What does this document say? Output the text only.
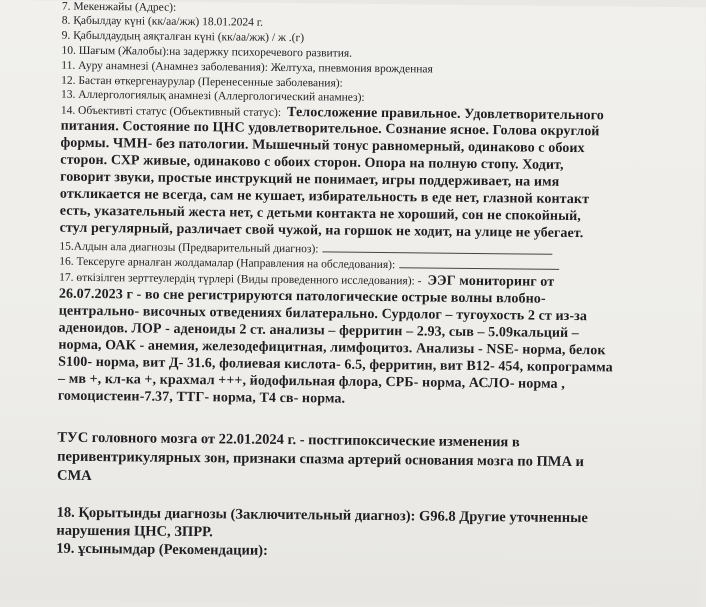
7. Мекенжайы (Адрес):
8. Қабылдау күні (кк/аа/жж) 18.01.2024 г.
9. Қабылдаудың аяқталған күні (кк/аа/жж) / ж .(г)
10. Шағым (Жалобы):на задержку психоречевого развития.
11. Ауру анамнезі (Анамнез заболевания): Желтуха, пневмония врожденная
12. Бастан өткергенаурулар (Перенесенные заболевания):
13. Аллергологиялық анамнезі (Аллергологический анамнез):
14. Объективті статус (Объективный статус): Телосложение правильное. Удовлетворительного
питания. Состояние по ЦНС удовлетворительное. Сознание ясное. Голова округлой
формы. ЧМН- без патологии. Мышечный тонус равномерный, одинаково с обоих
сторон. СХР живые, одинаково с обоих сторон. Опора на полную стопу. Ходит,
говорит звуки, простые инструкций не понимает, игры поддерживает, на имя
откликается не всегда, сам не кушает, избирательность в еде нет, глазной контакт
есть, указательный жеста нет, с детьми контакта не хороший, сон не спокойный,
стул регулярный, различает свой чужой, на горшок не ходит, на улице не убегает.
15.Алдын ала диагнозы (Предварительный диагноз):
16. Тексеруге арналған жолдамалар (Направления на обследования):
17. өткізілген зерттеулердің түрлері (Виды проведенного исследования): - ЭЭГ мониторинг от
26.07.2023 г - во сне регистрируются патологические острые волны влобно-
центрально- височных отведениях билатерально. Сурдолог – тугоухость 2 ст из-за
аденоидов. ЛОР - аденоиды 2 ст. анализы – ферритин – 2.93, сыв – 5.09кальций –
норма, ОАК - анемия, железодефицитная, лимфоцитоз. Анализы - NSE- норма, белок
S100- норма, вит Д- 31.6, фолиевая кислота- 6.5, ферритин, вит В12- 454, копрограмма
– мв +, кл-ка +, крахмал +++, йодофильная флора, СРБ- норма, АСЛО- норма ,
гомоцистеин-7.37, ТТГ- норма, Т4 св- норма.
ТУС головного мозга от 22.01.2024 г. - постгипоксические изменения в
перивентрикулярных зон, признаки спазма артерий основания мозга по ПМА и
СМА
18. Қорытынды диагнозы (Заключительный диагноз): G96.8 Другие уточненные
нарушения ЦНС, ЗПРР.
19. ұсынымдар (Рекомендации):
